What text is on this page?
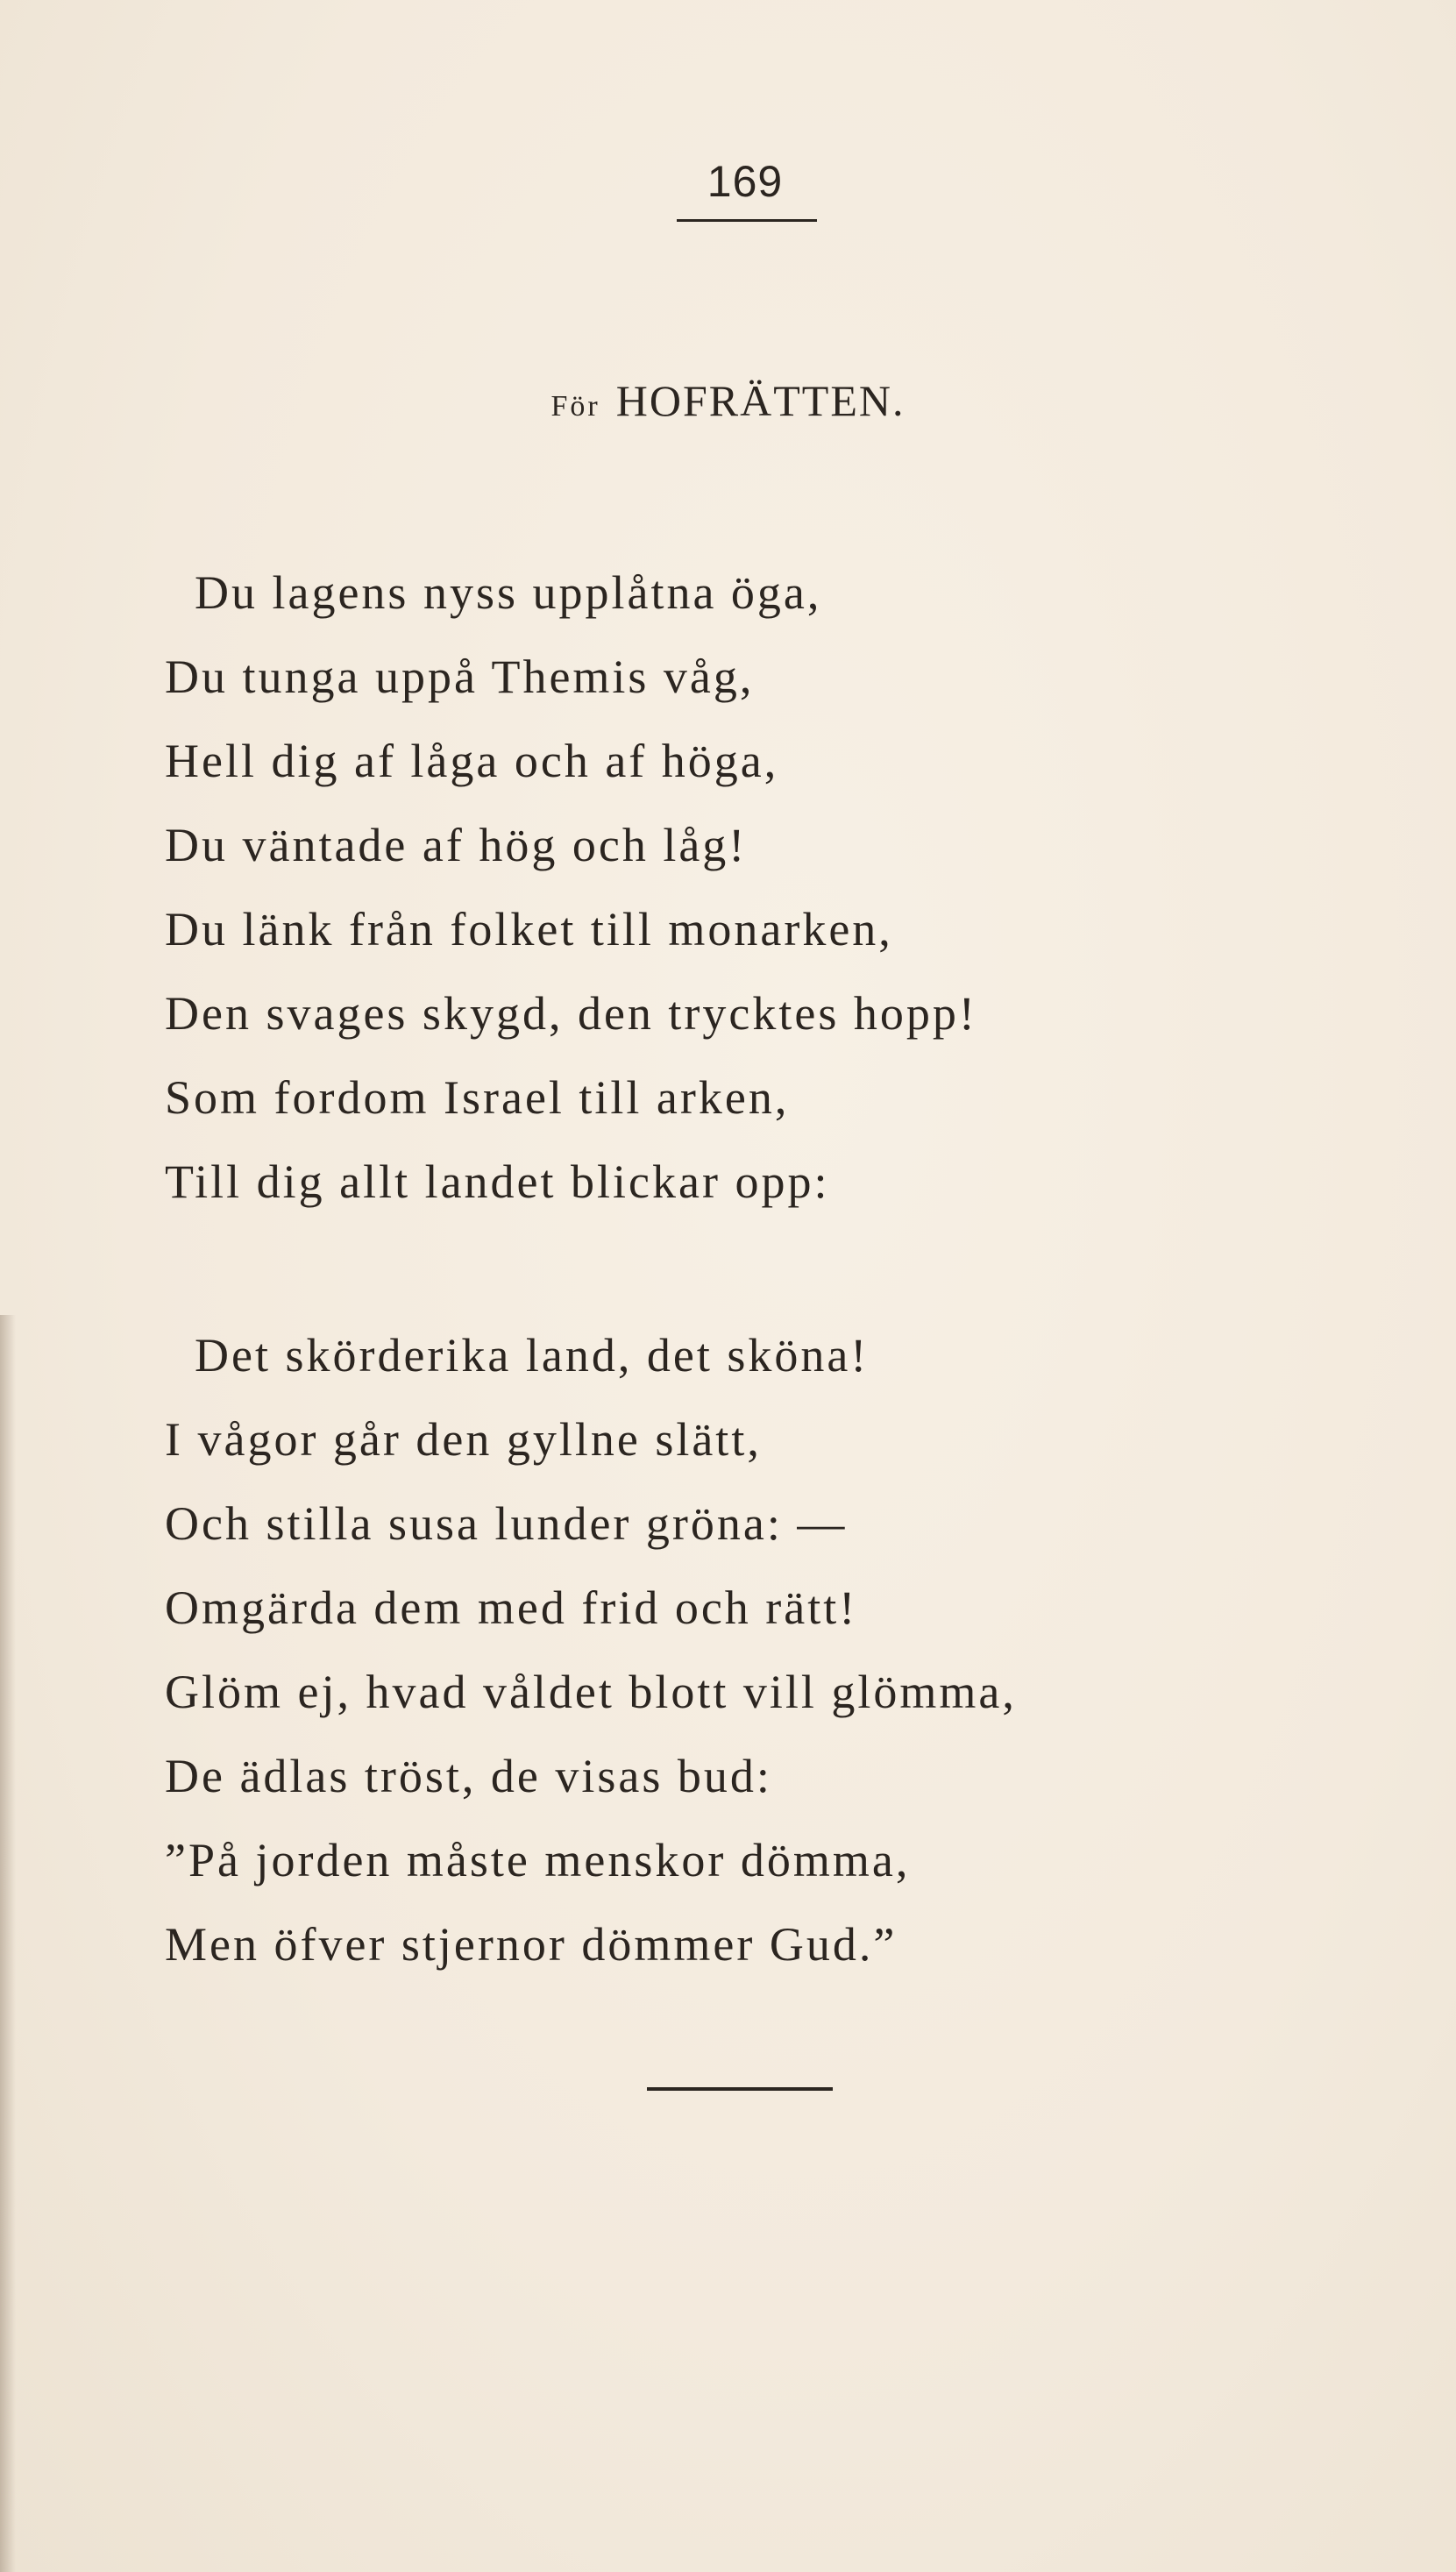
169
För HOFRÄTTEN.
Du lagens nyss upplåtna öga,
Du tunga uppå Themis våg,
Hell dig af låga och af höga,
Du väntade af hög och låg!
Du länk från folket till monarken,
Den svages skygd, den trycktes hopp!
Som fordom Israel till arken,
Till dig allt landet blickar opp:
Det skörderika land, det sköna!
I vågor går den gyllne slätt,
Och stilla susa lunder gröna: —
Omgärda dem med frid och rätt!
Glöm ej, hvad våldet blott vill glömma,
De ädlas tröst, de visas bud:
”På jorden måste menskor dömma,
Men öfver stjernor dömmer Gud.”
